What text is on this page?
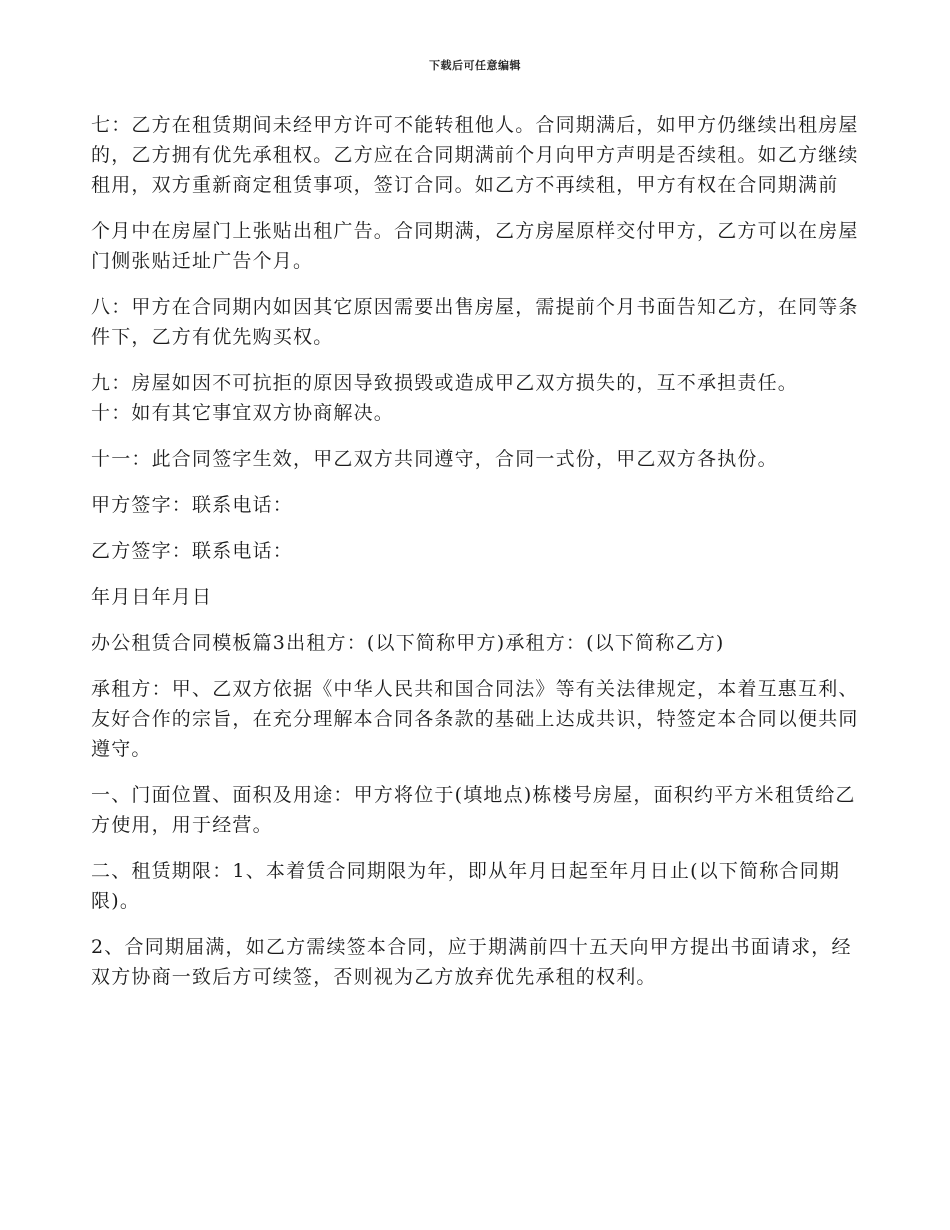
下载后可任意编辑

七：乙方在租赁期间未经甲方许可不能转租他人。合同期满后，如甲方仍继续出租房屋的，乙方拥有优先承租权。乙方应在合同期满前个月向甲方声明是否续租。如乙方继续租用，双方重新商定租赁事项，签订合同。如乙方不再续租，甲方有权在合同期满前

个月中在房屋门上张贴出租广告。合同期满，乙方房屋原样交付甲方，乙方可以在房屋门侧张贴迁址广告个月。

八：甲方在合同期内如因其它原因需要出售房屋，需提前个月书面告知乙方，在同等条件下，乙方有优先购买权。

九：房屋如因不可抗拒的原因导致损毁或造成甲乙双方损失的，互不承担责任。

十：如有其它事宜双方协商解决。

十一：此合同签字生效，甲乙双方共同遵守，合同一式份，甲乙双方各执份。

甲方签字：联系电话：

乙方签字：联系电话：

年月日年月日

办公租赁合同模板篇3出租方：(以下简称甲方)承租方：(以下简称乙方)

承租方：甲、乙双方依据《中华人民共和国合同法》等有关法律规定，本着互惠互利、友好合作的宗旨，在充分理解本合同各条款的基础上达成共识，特签定本合同以便共同遵守。

一、门面位置、面积及用途：甲方将位于(填地点)栋楼号房屋，面积约平方米租赁给乙方使用，用于经营。

二、租赁期限：1、本着赁合同期限为年，即从年月日起至年月日止(以下简称合同期限)。

2、合同期届满，如乙方需续签本合同，应于期满前四十五天向甲方提出书面请求，经双方协商一致后方可续签，否则视为乙方放弃优先承租的权利。
